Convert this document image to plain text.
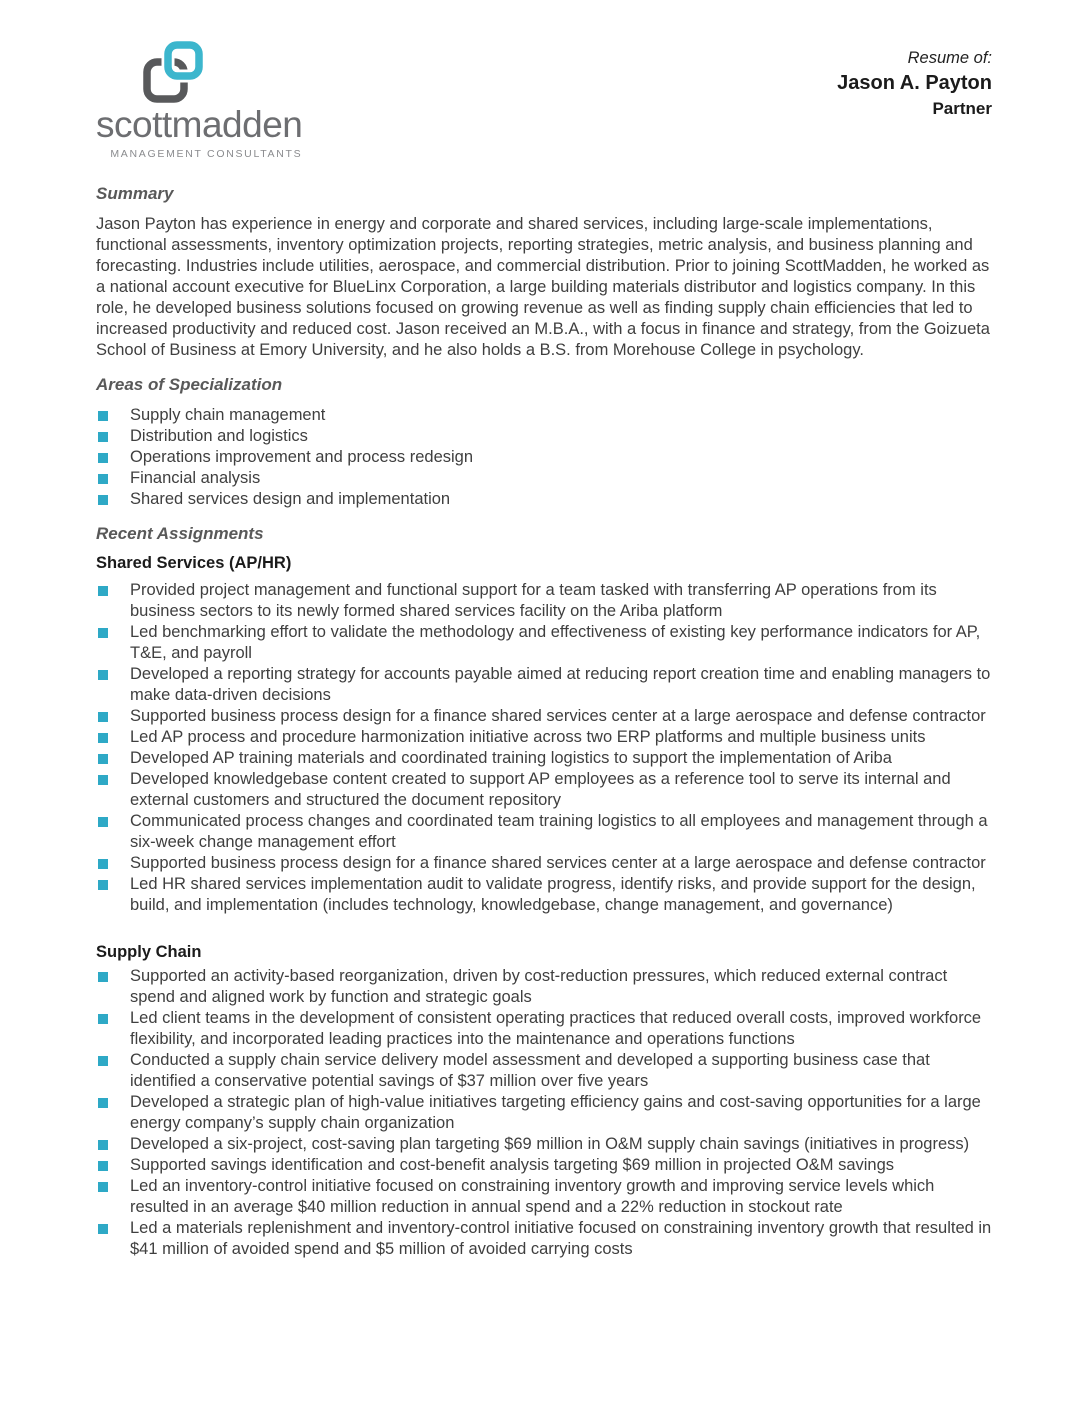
scottmadden
MANAGEMENT CONSULTANTS
Resume of:
Jason A. Payton
Partner
Summary

Jason Payton has experience in energy and corporate and shared services, including large-scale implementations, functional assessments, inventory optimization projects, reporting strategies, metric analysis, and business planning and forecasting. Industries include utilities, aerospace, and commercial distribution. Prior to joining ScottMadden, he worked as a national account executive for BlueLinx Corporation, a large building materials distributor and logistics company. In this role, he developed business solutions focused on growing revenue as well as finding supply chain efficiencies that led to increased productivity and reduced cost. Jason received an M.B.A., with a focus in finance and strategy, from the Goizueta School of Business at Emory University, and he also holds a B.S. from Morehouse College in psychology.

Areas of Specialization
Supply chain management
Distribution and logistics
Operations improvement and process redesign
Financial analysis
Shared services design and implementation
Recent Assignments
Shared Services (AP/HR)
Provided project management and functional support for a team tasked with transferring AP operations from its business sectors to its newly formed shared services facility on the Ariba platform
Led benchmarking effort to validate the methodology and effectiveness of existing key performance indicators for AP, T&E, and payroll
Developed a reporting strategy for accounts payable aimed at reducing report creation time and enabling managers to make data-driven decisions
Supported business process design for a finance shared services center at a large aerospace and defense contractor
Led AP process and procedure harmonization initiative across two ERP platforms and multiple business units
Developed AP training materials and coordinated training logistics to support the implementation of Ariba
Developed knowledgebase content created to support AP employees as a reference tool to serve its internal and external customers and structured the document repository
Communicated process changes and coordinated team training logistics to all employees and management through a six-week change management effort
Supported business process design for a finance shared services center at a large aerospace and defense contractor
Led HR shared services implementation audit to validate progress, identify risks, and provide support for the design, build, and implementation (includes technology, knowledgebase, change management, and governance)
Supply Chain
Supported an activity-based reorganization, driven by cost-reduction pressures, which reduced external contract spend and aligned work by function and strategic goals
Led client teams in the development of consistent operating practices that reduced overall costs, improved workforce flexibility, and incorporated leading practices into the maintenance and operations functions
Conducted a supply chain service delivery model assessment and developed a supporting business case that identified a conservative potential savings of $37 million over five years
Developed a strategic plan of high-value initiatives targeting efficiency gains and cost-saving opportunities for a large energy company’s supply chain organization
Developed a six-project, cost-saving plan targeting $69 million in O&M supply chain savings (initiatives in progress)
Supported savings identification and cost-benefit analysis targeting $69 million in projected O&M savings
Led an inventory-control initiative focused on constraining inventory growth and improving service levels which resulted in an average $40 million reduction in annual spend and a 22% reduction in stockout rate
Led a materials replenishment and inventory-control initiative focused on constraining inventory growth that resulted in $41 million of avoided spend and $5 million of avoided carrying costs
